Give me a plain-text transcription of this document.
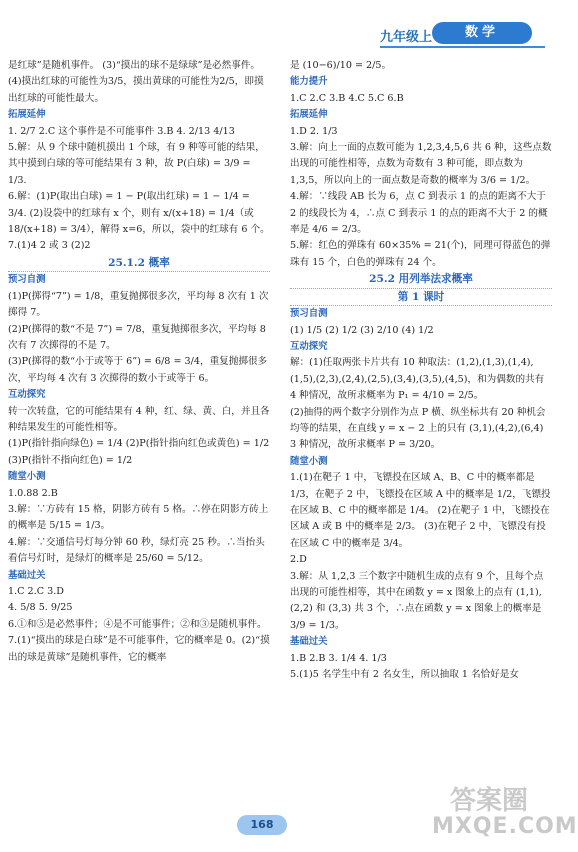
九年级上	数学

是红球”是随机事件。 (3)“摸出的球不是绿球”是必然事件。 (4)摸出红球的可能性为3/5，摸出黄球的可能性为2/5，即摸出红球的可能性最大。

拓展延伸

1. 2/7 2.C 这个事件是不可能事件 3.B 4. 2/13 4/13

5.解：从 9 个球中随机摸出 1 个球，有 9 种等可能的结果，其中摸到白球的等可能结果有 3 种，故 P(白球) = 3/9 = 1/3.

6.解：(1)P(取出白球) = 1 − P(取出红球) = 1 − 1/4 = 3/4. (2)设袋中的红球有 x 个，则有 x/(x+18) = 1/4（或 18/(x+18) = 3/4），解得 x=6，所以，袋中的红球有 6 个。

7.(1)4 2 或 3 (2)2

25.1.2 概率

预习自测

(1)P(掷得“7”) = 1/8，重复抛掷很多次，平均每 8 次有 1 次掷得 7。

(2)P(掷得的数“不是 7”) = 7/8，重复抛掷很多次，平均每 8 次有 7 次掷得的不是 7。

(3)P(掷得的数“小于或等于 6”) = 6/8 = 3/4，重复抛掷很多次，平均每 4 次有 3 次掷得的数小于或等于 6。

互动探究

转一次转盘，它的可能结果有 4 种，红、绿、黄、白，并且各种结果发生的可能性相等。

(1)P(指针指向绿色) = 1/4 (2)P(指针指向红色或黄色) = 1/2

(3)P(指针不指向红色) = 1/2

随堂小测

1.0.88 2.B

3.解：∵方砖有 15 格，阴影方砖有 5 格。∴停在阴影方砖上的概率是 5/15 = 1/3。

4.解：∵交通信号灯每分钟 60 秒，绿灯亮 25 秒。∴当抬头看信号灯时，是绿灯的概率是 25/60 = 5/12。

基础过关

1.C 2.C 3.D

4. 5/8 5. 9/25

6.①和⑤是必然事件；④是不可能事件；②和③是随机事件。

7.(1)“摸出的球是白球”是不可能事件，它的概率是 0。(2)“摸出的球是黄球”是随机事件，它的概率

是 (10−6)/10 = 2/5。

能力提升

1.C 2.C 3.B 4.C 5.C 6.B

拓展延伸

1.D 2. 1/3

3.解：向上一面的点数可能为 1,2,3,4,5,6 共 6 种，这些点数出现的可能性相等，点数为奇数有 3 种可能，即点数为 1,3,5，所以向上的一面点数是奇数的概率为 3/6 = 1/2。

4.解：∵线段 AB 长为 6，点 C 到表示 1 的点的距离不大于 2 的线段长为 4，∴点 C 到表示 1 的点的距离不大于 2 的概率是 4/6 = 2/3。

5.解：红色的弹珠有 60×35% = 21(个)，同理可得蓝色的弹珠有 15 个，白色的弹珠有 24 个。

25.2 用列举法求概率

第 1 课时

预习自测

(1) 1/5 (2) 1/2 (3) 2/10 (4) 1/2

互动探究

解：(1)任取两张卡片共有 10 种取法：(1,2),(1,3),(1,4),(1,5),(2,3),(2,4),(2,5),(3,4),(3,5),(4,5)，和为偶数的共有 4 种情况，故所求概率为 P₁ = 4/10 = 2/5。

(2)抽得的两个数字分别作为点 P 横、纵坐标共有 20 种机会均等的结果，在直线 y = x − 2 上的只有 (3,1),(4,2),(6,4) 3 种情况，故所求概率 P = 3/20。

随堂小测

1.(1)在靶子 1 中，飞镖投在区域 A、B、C 中的概率都是 1/3，在靶子 2 中，飞镖投在区域 A 中的概率是 1/2，飞镖投在区域 B、C 中的概率都是 1/4。 (2)在靶子 1 中，飞镖投在区域 A 或 B 中的概率是 2/3。 (3)在靶子 2 中，飞镖没有投在区域 C 中的概率是 3/4。

2.D

3.解：从 1,2,3 三个数字中随机生成的点有 9 个，且每个点出现的可能性相等，其中在函数 y = x 图象上的点有 (1,1),(2,2) 和 (3,3) 共 3 个，∴点在函数 y = x 图象上的概率是 3/9 = 1/3。

基础过关

1.B 2.B 3. 1/4 4. 1/3

5.(1)5 名学生中有 2 名女生，所以抽取 1 名恰好是女

168
答案圈
MXQE.COM
